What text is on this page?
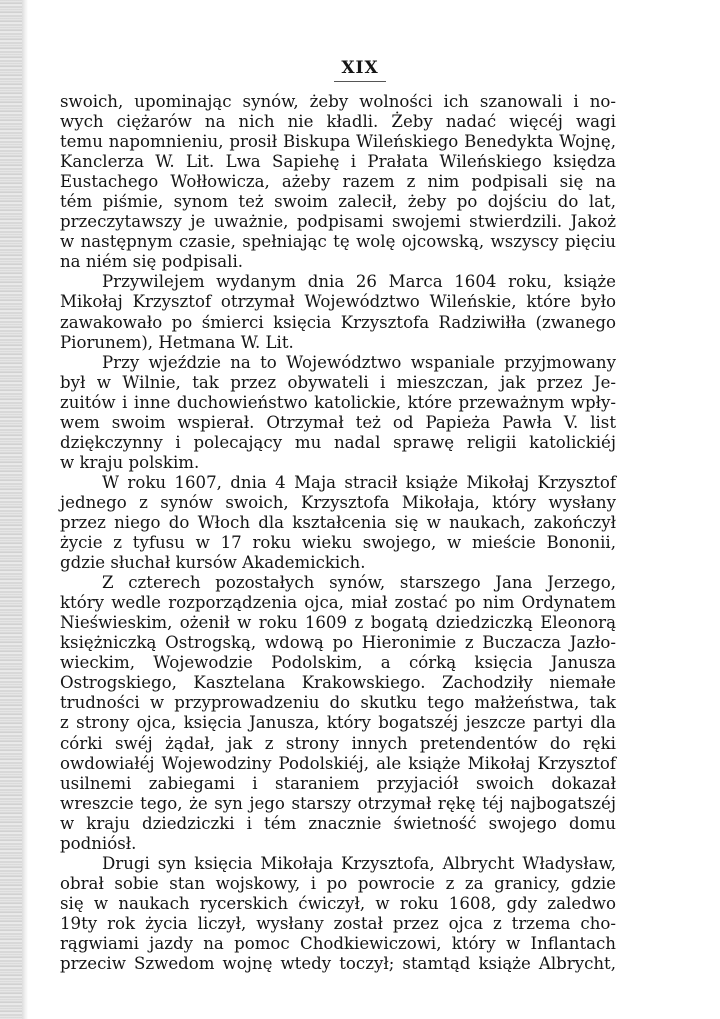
XIX
swoich, upominając synów, żeby wolności ich szanowali i no-
wych ciężarów na nich nie kładli. Żeby nadać więcéj wagi
temu napomnieniu, prosił Biskupa Wileńskiego Benedykta Wojnę,
Kanclerza W. Lit. Lwa Sapiehę i Prałata Wileńskiego księdza
Eustachego Wołłowicza, ażeby razem z nim podpisali się na
tém piśmie, synom też swoim zalecił, żeby po dojściu do lat,
przeczytawszy je uważnie, podpisami swojemi stwierdzili. Jakoż
w następnym czasie, spełniając tę wolę ojcowską, wszyscy pięciu
na niém się podpisali.
Przywilejem wydanym dnia 26 Marca 1604 roku, książe
Mikołaj Krzysztof otrzymał Województwo Wileńskie, które było
zawakowało po śmierci księcia Krzysztofa Radziwiłła (zwanego
Piorunem), Hetmana W. Lit.
Przy wjeździe na to Województwo wspaniale przyjmowany
był w Wilnie, tak przez obywateli i mieszczan, jak przez Je-
zuitów i inne duchowieństwo katolickie, które przeważnym wpły-
wem swoim wspierał. Otrzymał też od Papieża Pawła V. list
dziękczynny i polecający mu nadal sprawę religii katolickiéj
w kraju polskim.
W roku 1607, dnia 4 Maja stracił książe Mikołaj Krzysztof
jednego z synów swoich, Krzysztofa Mikołaja, który wysłany
przez niego do Włoch dla kształcenia się w naukach, zakończył
życie z tyfusu w 17 roku wieku swojego, w mieście Bononii,
gdzie słuchał kursów Akademickich.
Z czterech pozostałych synów, starszego Jana Jerzego,
który wedle rozporządzenia ojca, miał zostać po nim Ordynatem
Nieświeskim, ożenił w roku 1609 z bogatą dziedziczką Eleonorą
księżniczką Ostrogską, wdową po Hieronimie z Buczacza Jazło-
wieckim, Wojewodzie Podolskim, a córką księcia Janusza
Ostrogskiego, Kasztelana Krakowskiego. Zachodziły niemałe
trudności w przyprowadzeniu do skutku tego małżeństwa, tak
z strony ojca, księcia Janusza, który bogatszéj jeszcze partyi dla
córki swéj żądał, jak z strony innych pretendentów do ręki
owdowiałéj Wojewodziny Podolskiéj, ale książe Mikołaj Krzysztof
usilnemi zabiegami i staraniem przyjaciół swoich dokazał
wreszcie tego, że syn jego starszy otrzymał rękę téj najbogatszéj
w kraju dziedziczki i tém znacznie świetność swojego domu
podniósł.
Drugi syn księcia Mikołaja Krzysztofa, Albrycht Władysław,
obrał sobie stan wojskowy, i po powrocie z za granicy, gdzie
się w naukach rycerskich ćwiczył, w roku 1608, gdy zaledwo
19ty rok życia liczył, wysłany został przez ojca z trzema cho-
rągwiami jazdy na pomoc Chodkiewiczowi, który w Inflantach
przeciw Szwedom wojnę wtedy toczył; stamtąd książe Albrycht,
